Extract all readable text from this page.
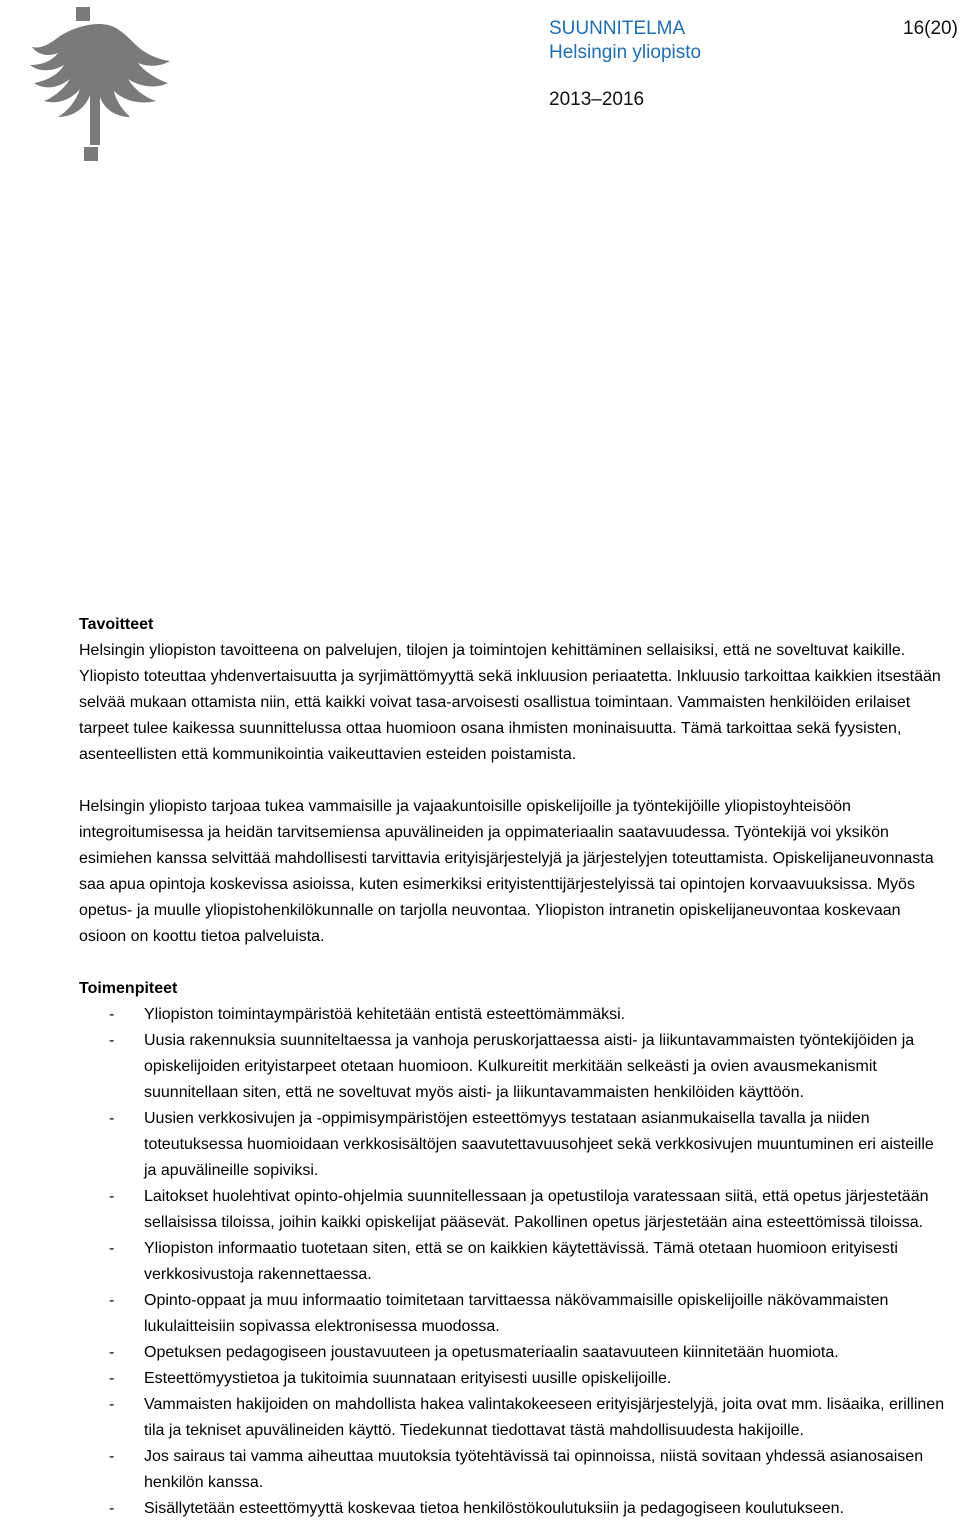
SUUNNITELMA
Helsingin yliopisto
16(20)
2013–2016
Tavoitteet

Helsingin yliopiston tavoitteena on palvelujen, tilojen ja toimintojen kehittäminen sellaisiksi, että ne soveltuvat kaikille. Yliopisto toteuttaa yhdenvertaisuutta ja syrjimättömyyttä sekä inkluusion periaatetta. Inkluusio tarkoittaa kaikkien itsestään selvää mukaan ottamista niin, että kaikki voivat tasa-arvoisesti osallistua toimintaan. Vammaisten henkilöiden erilaiset tarpeet tulee kaikessa suunnittelussa ottaa huomioon osana ihmisten moninaisuutta. Tämä tarkoittaa sekä fyysisten, asenteellisten että kommunikointia vaikeuttavien esteiden poistamista.

Helsingin yliopisto tarjoaa tukea vammaisille ja vajaakuntoisille opiskelijoille ja työntekijöille yliopistoyhteisöön integroitumisessa ja heidän tarvitsemiensa apuvälineiden ja oppimateriaalin saatavuudessa. Työntekijä voi yksikön esimiehen kanssa selvittää mahdollisesti tarvittavia erityisjärjestelyjä ja järjestelyjen toteuttamista. Opiskelijaneuvonnasta saa apua opintoja koskevissa asioissa, kuten esimerkiksi erityistenttijärjestelyissä tai opintojen korvaavuuksissa. Myös opetus- ja muulle yliopistohenkilökunnalle on tarjolla neuvontaa. Yliopiston intranetin opiskelijaneuvontaa koskevaan osioon on koottu tietoa palveluista.

Toimenpiteet
- Yliopiston toimintaympäristöä kehitetään entistä esteettömämmäksi.
- Uusia rakennuksia suunniteltaessa ja vanhoja peruskorjattaessa aisti- ja liikuntavammaisten työntekijöiden ja opiskelijoiden erityistarpeet otetaan huomioon. Kulkureitit merkitään selkeästi ja ovien avausmekanismit suunnitellaan siten, että ne soveltuvat myös aisti- ja liikuntavammaisten henkilöiden käyttöön.
- Uusien verkkosivujen ja -oppimisympäristöjen esteettömyys testataan asianmukaisella tavalla ja niiden toteutuksessa huomioidaan verkkosisältöjen saavutettavuusohjeet sekä verkkosivujen muuntuminen eri aisteille ja apuvälineille sopiviksi.
- Laitokset huolehtivat opinto-ohjelmia suunnitellessaan ja opetustiloja varatessaan siitä, että opetus järjestetään sellaisissa tiloissa, joihin kaikki opiskelijat pääsevät. Pakollinen opetus järjestetään aina esteettömissä tiloissa.
- Yliopiston informaatio tuotetaan siten, että se on kaikkien käytettävissä. Tämä otetaan huomioon erityisesti verkkosivustoja rakennettaessa.
- Opinto-oppaat ja muu informaatio toimitetaan tarvittaessa näkövammaisille opiskelijoille näkövammaisten lukulaitteisiin sopivassa elektronisessa muodossa.
- Opetuksen pedagogiseen joustavuuteen ja opetusmateriaalin saatavuuteen kiinnitetään huomiota.
- Esteettömyystietoa ja tukitoimia suunnataan erityisesti uusille opiskelijoille.
- Vammaisten hakijoiden on mahdollista hakea valintakokeeseen erityisjärjestelyjä, joita ovat mm. lisäaika, erillinen tila ja tekniset apuvälineiden käyttö. Tiedekunnat tiedottavat tästä mahdollisuudesta hakijoille.
- Jos sairaus tai vamma aiheuttaa muutoksia työtehtävissä tai opinnoissa, niistä sovitaan yhdessä asianosaisen henkilön kanssa.
- Sisällytetään esteettömyyttä koskevaa tietoa henkilöstökoulutuksiin ja pedagogiseen koulutukseen.
